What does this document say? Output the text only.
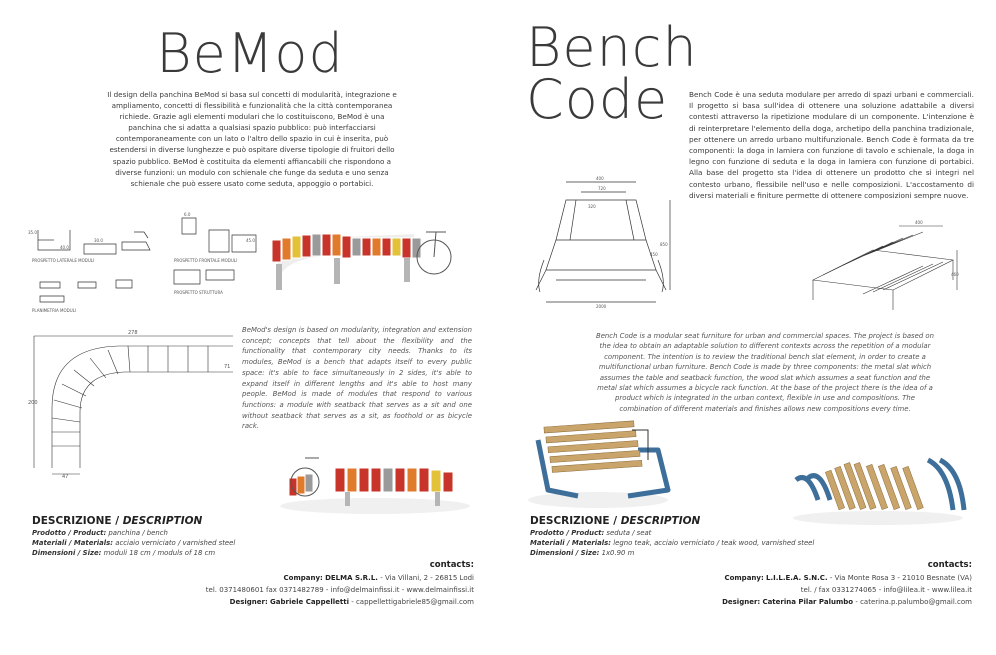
BeMod
Il design della panchina BeMod si basa sul concetti di modularità, integrazione e ampliamento, concetti di flessibilità e funzionalità che la città contemporanea richiede. Grazie agli elementi modulari che lo costituiscono, BeMod è una panchina che si adatta a qualsiasi spazio pubblico: può interfacciarsi contemporaneamente con un lato o l'altro dello spazio in cui è inserita, può estendersi in diverse lunghezze e può ospitare diverse tipologie di fruitori dello spazio pubblico. BeMod è costituita da elementi affiancabili che rispondono a diverse funzioni: un modulo con schienale che funge da seduta e uno senza schienale che può essere usato come seduta, appoggio o portabici.
40.0
35.0
45.0
6.0
30.0
PROSPETTO LATERALE MODULI	PROSPETTO FRONTALE MODULI
PLANIMETRIA MODULI
PROSPETTO STRUTTURA
278
200
71
47
BeMod's design is based on modularity, integration and extension concept; concepts that tell about the flexibility and the functionality that contemporary city needs. Thanks to its modules, BeMod is a bench that adapts itself to every public space: it's able to face simultaneously in 2 sides, it's able to expand itself in different lengths and it's able to host many people. BeMod is made of modules that respond to various functions: a module with seatback that serves as a sit and one without seatback that serves as a sit, as foothold or as bicycle rack.
DESCRIZIONE / DESCRIPTION
Prodotto / Product: panchina / bench
Materiali / Materials: acciaio verniciato / varnished steel
Dimensioni / Size: moduli 18 cm / moduls of 18 cm
contacts:
Company: DELMA S.R.L. - Via Villani, 2 - 26815 Lodi
tel. 0371480601 fax 0371482789 - info@delmainfissi.it - www.delmainfissi.it
Designer: Gabriele Cappelletti - cappellettigabriele85@gmail.com
Bench
Code	Bench Code è una seduta modulare per arredo di spazi urbani e commerciali. Il progetto si basa sull'idea di ottenere una soluzione adattabile a diversi contesti attraverso la ripetizione modulare di un componente. L'intenzione è di reinterpretare l'elemento della doga, archetipo della panchina tradizionale, per ottenere un arredo urbano multifunzionale. Bench Code è formata da tre componenti: la doga in lamiera con funzione di tavolo e schienale, la doga in legno con funzione di seduta e la doga in lamiera con funzione di portabici. Alla base del progetto sta l'idea di ottenere un prodotto che si integri nel contesto urbano, flessibile nell'uso e nelle composizioni. L'accostamento di diversi materiali e finiture permette di ottenere composizioni sempre nuove.
400
720
320
850
450
2000
400
460
Bench Code is a modular seat furniture for urban and commercial spaces. The project is based on the idea to obtain an adaptable solution to different contexts across the repetition of a modular component. The intention is to review the traditional bench slat element, in order to create a multifunctional urban furniture. Bench Code is made by three components: the metal slat which assumes the table and seatback function, the wood slat which assumes a seat function and the metal slat which assumes a bicycle rack function. At the base of the project there is the idea of a product which is integrated in the urban context, flexible in use and compositions. The combination of different materials and finishes allows new compositions every time.
DESCRIZIONE / DESCRIPTION
Prodotto / Product: seduta / seat
Materiali / Materials: legno teak, acciaio verniciato / teak wood, varnished steel
Dimensioni / Size: 1x0.90 m
contacts:
Company: L.I.L.E.A. S.N.C. - Via Monte Rosa 3 - 21010 Besnate (VA)
tel. / fax 0331274065 - info@lilea.it - www.lilea.it
Designer: Caterina Pilar Palumbo - caterina.p.palumbo@gmail.com
